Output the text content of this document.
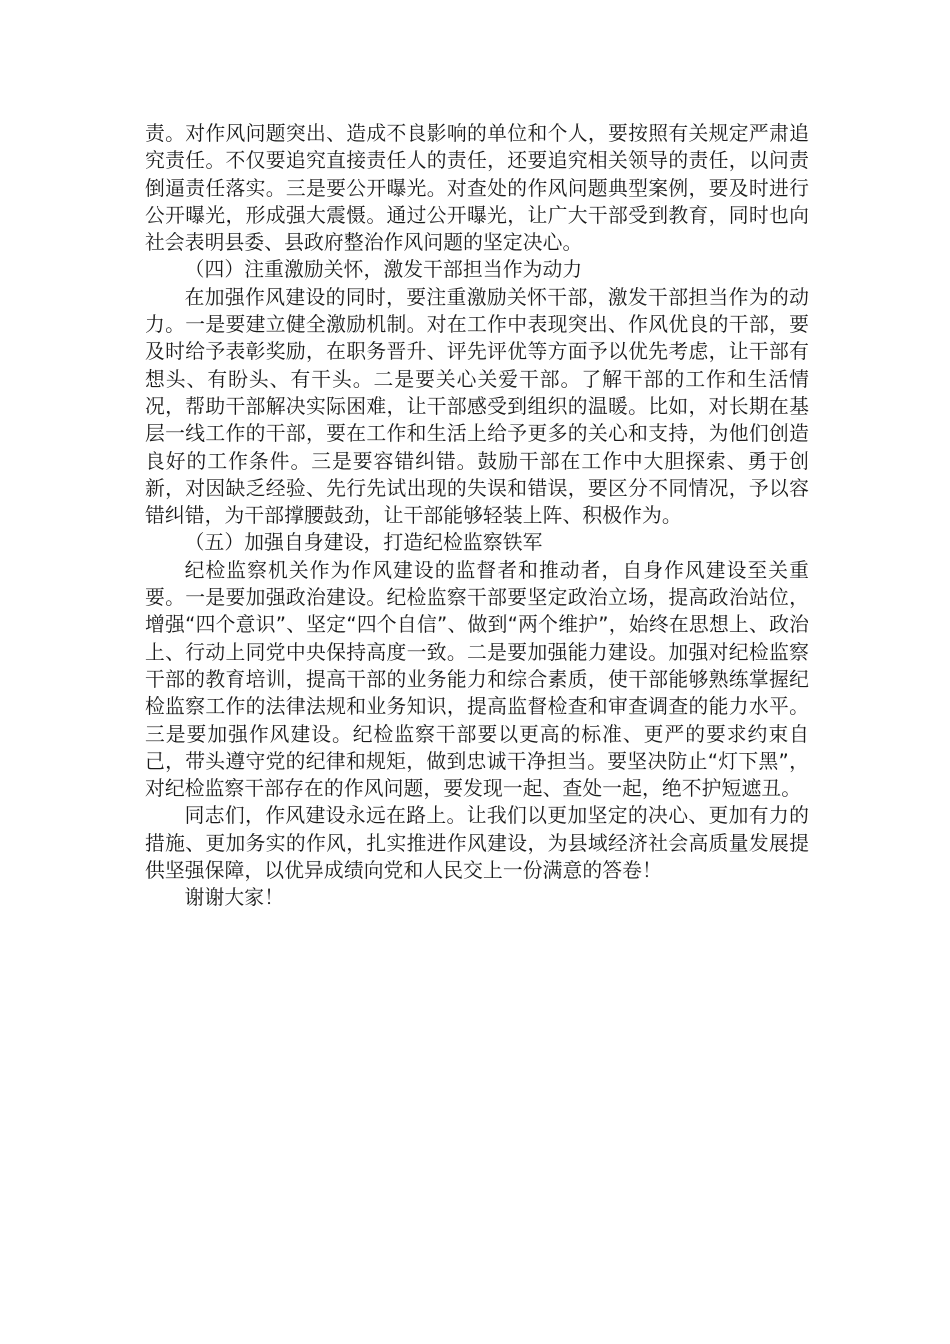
责。对作风问题突出、造成不良影响的单位和个人，要按照有关规定严肃追究责任。不仅要追究直接责任人的责任，还要追究相关领导的责任，以问责倒逼责任落实。三是要公开曝光。对查处的作风问题典型案例，要及时进行公开曝光，形成强大震慑。通过公开曝光，让广大干部受到教育，同时也向社会表明县委、县政府整治作风问题的坚定决心。

（四）注重激励关怀，激发干部担当作为动力

在加强作风建设的同时，要注重激励关怀干部，激发干部担当作为的动力。一是要建立健全激励机制。对在工作中表现突出、作风优良的干部，要及时给予表彰奖励，在职务晋升、评先评优等方面予以优先考虑，让干部有想头、有盼头、有干头。二是要关心关爱干部。了解干部的工作和生活情况，帮助干部解决实际困难，让干部感受到组织的温暖。比如，对长期在基层一线工作的干部，要在工作和生活上给予更多的关心和支持，为他们创造良好的工作条件。三是要容错纠错。鼓励干部在工作中大胆探索、勇于创新，对因缺乏经验、先行先试出现的失误和错误，要区分不同情况，予以容错纠错，为干部撑腰鼓劲，让干部能够轻装上阵、积极作为。

（五）加强自身建设，打造纪检监察铁军

纪检监察机关作为作风建设的监督者和推动者，自身作风建设至关重要。一是要加强政治建设。纪检监察干部要坚定政治立场，提高政治站位，增强“四个意识”、坚定“四个自信”、做到“两个维护”，始终在思想上、政治上、行动上同党中央保持高度一致。二是要加强能力建设。加强对纪检监察干部的教育培训，提高干部的业务能力和综合素质，使干部能够熟练掌握纪检监察工作的法律法规和业务知识，提高监督检查和审查调查的能力水平。三是要加强作风建设。纪检监察干部要以更高的标准、更严的要求约束自己，带头遵守党的纪律和规矩，做到忠诚干净担当。要坚决防止“灯下黑”，对纪检监察干部存在的作风问题，要发现一起、查处一起，绝不护短遮丑。

同志们，作风建设永远在路上。让我们以更加坚定的决心、更加有力的措施、更加务实的作风，扎实推进作风建设，为县域经济社会高质量发展提供坚强保障，以优异成绩向党和人民交上一份满意的答卷！

谢谢大家！
